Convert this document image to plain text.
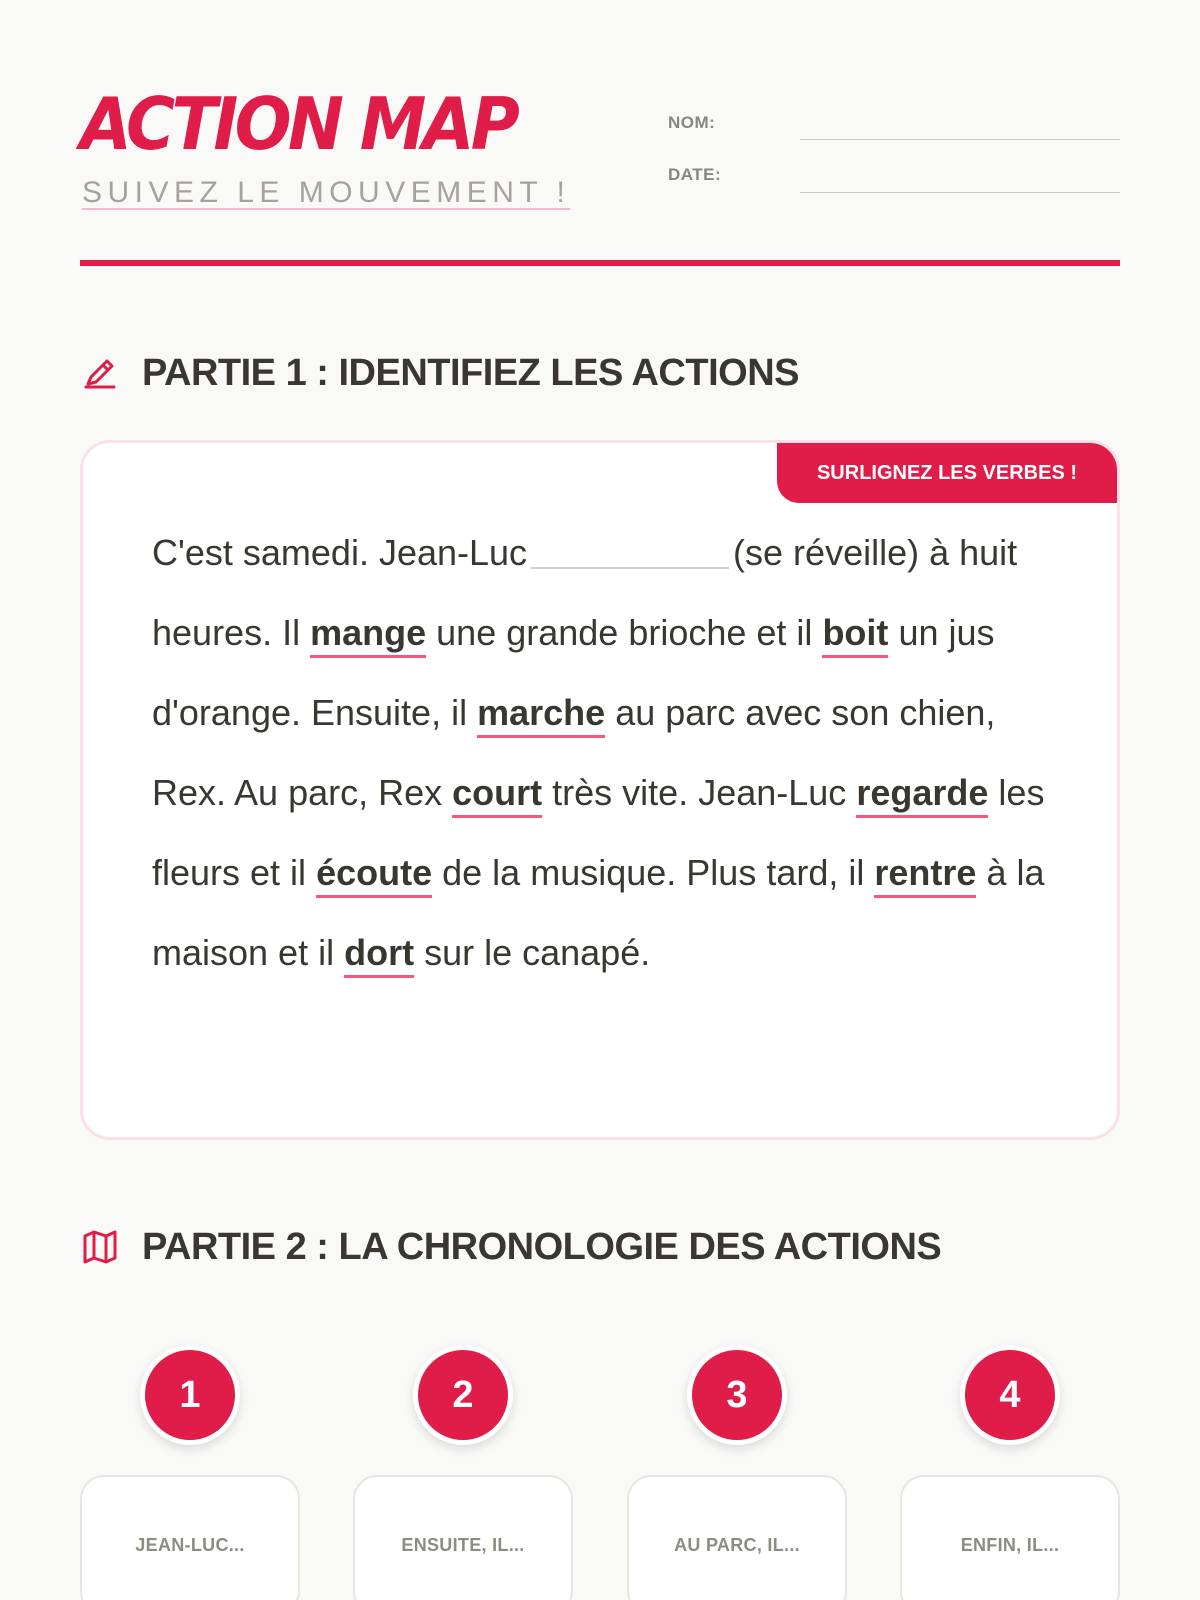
ACTION MAP
SUIVEZ LE MOUVEMENT !
NOM:
DATE:
PARTIE 1 : IDENTIFIEZ LES ACTIONS
SURLIGNEZ LES VERBES !
C'est samedi. Jean-Luc	(se réveille) à huit heures. Il mange une grande brioche et il boit un jus d'orange. Ensuite, il marche au parc avec son chien, Rex. Au parc, Rex court très vite. Jean-Luc regarde les fleurs et il écoute de la musique. Plus tard, il rentre à la maison et il dort sur le canapé.
PARTIE 2 : LA CHRONOLOGIE DES ACTIONS
1
JEAN-LUC...
2
ENSUITE, IL...
3
AU PARC, IL...
4
ENFIN, IL...
